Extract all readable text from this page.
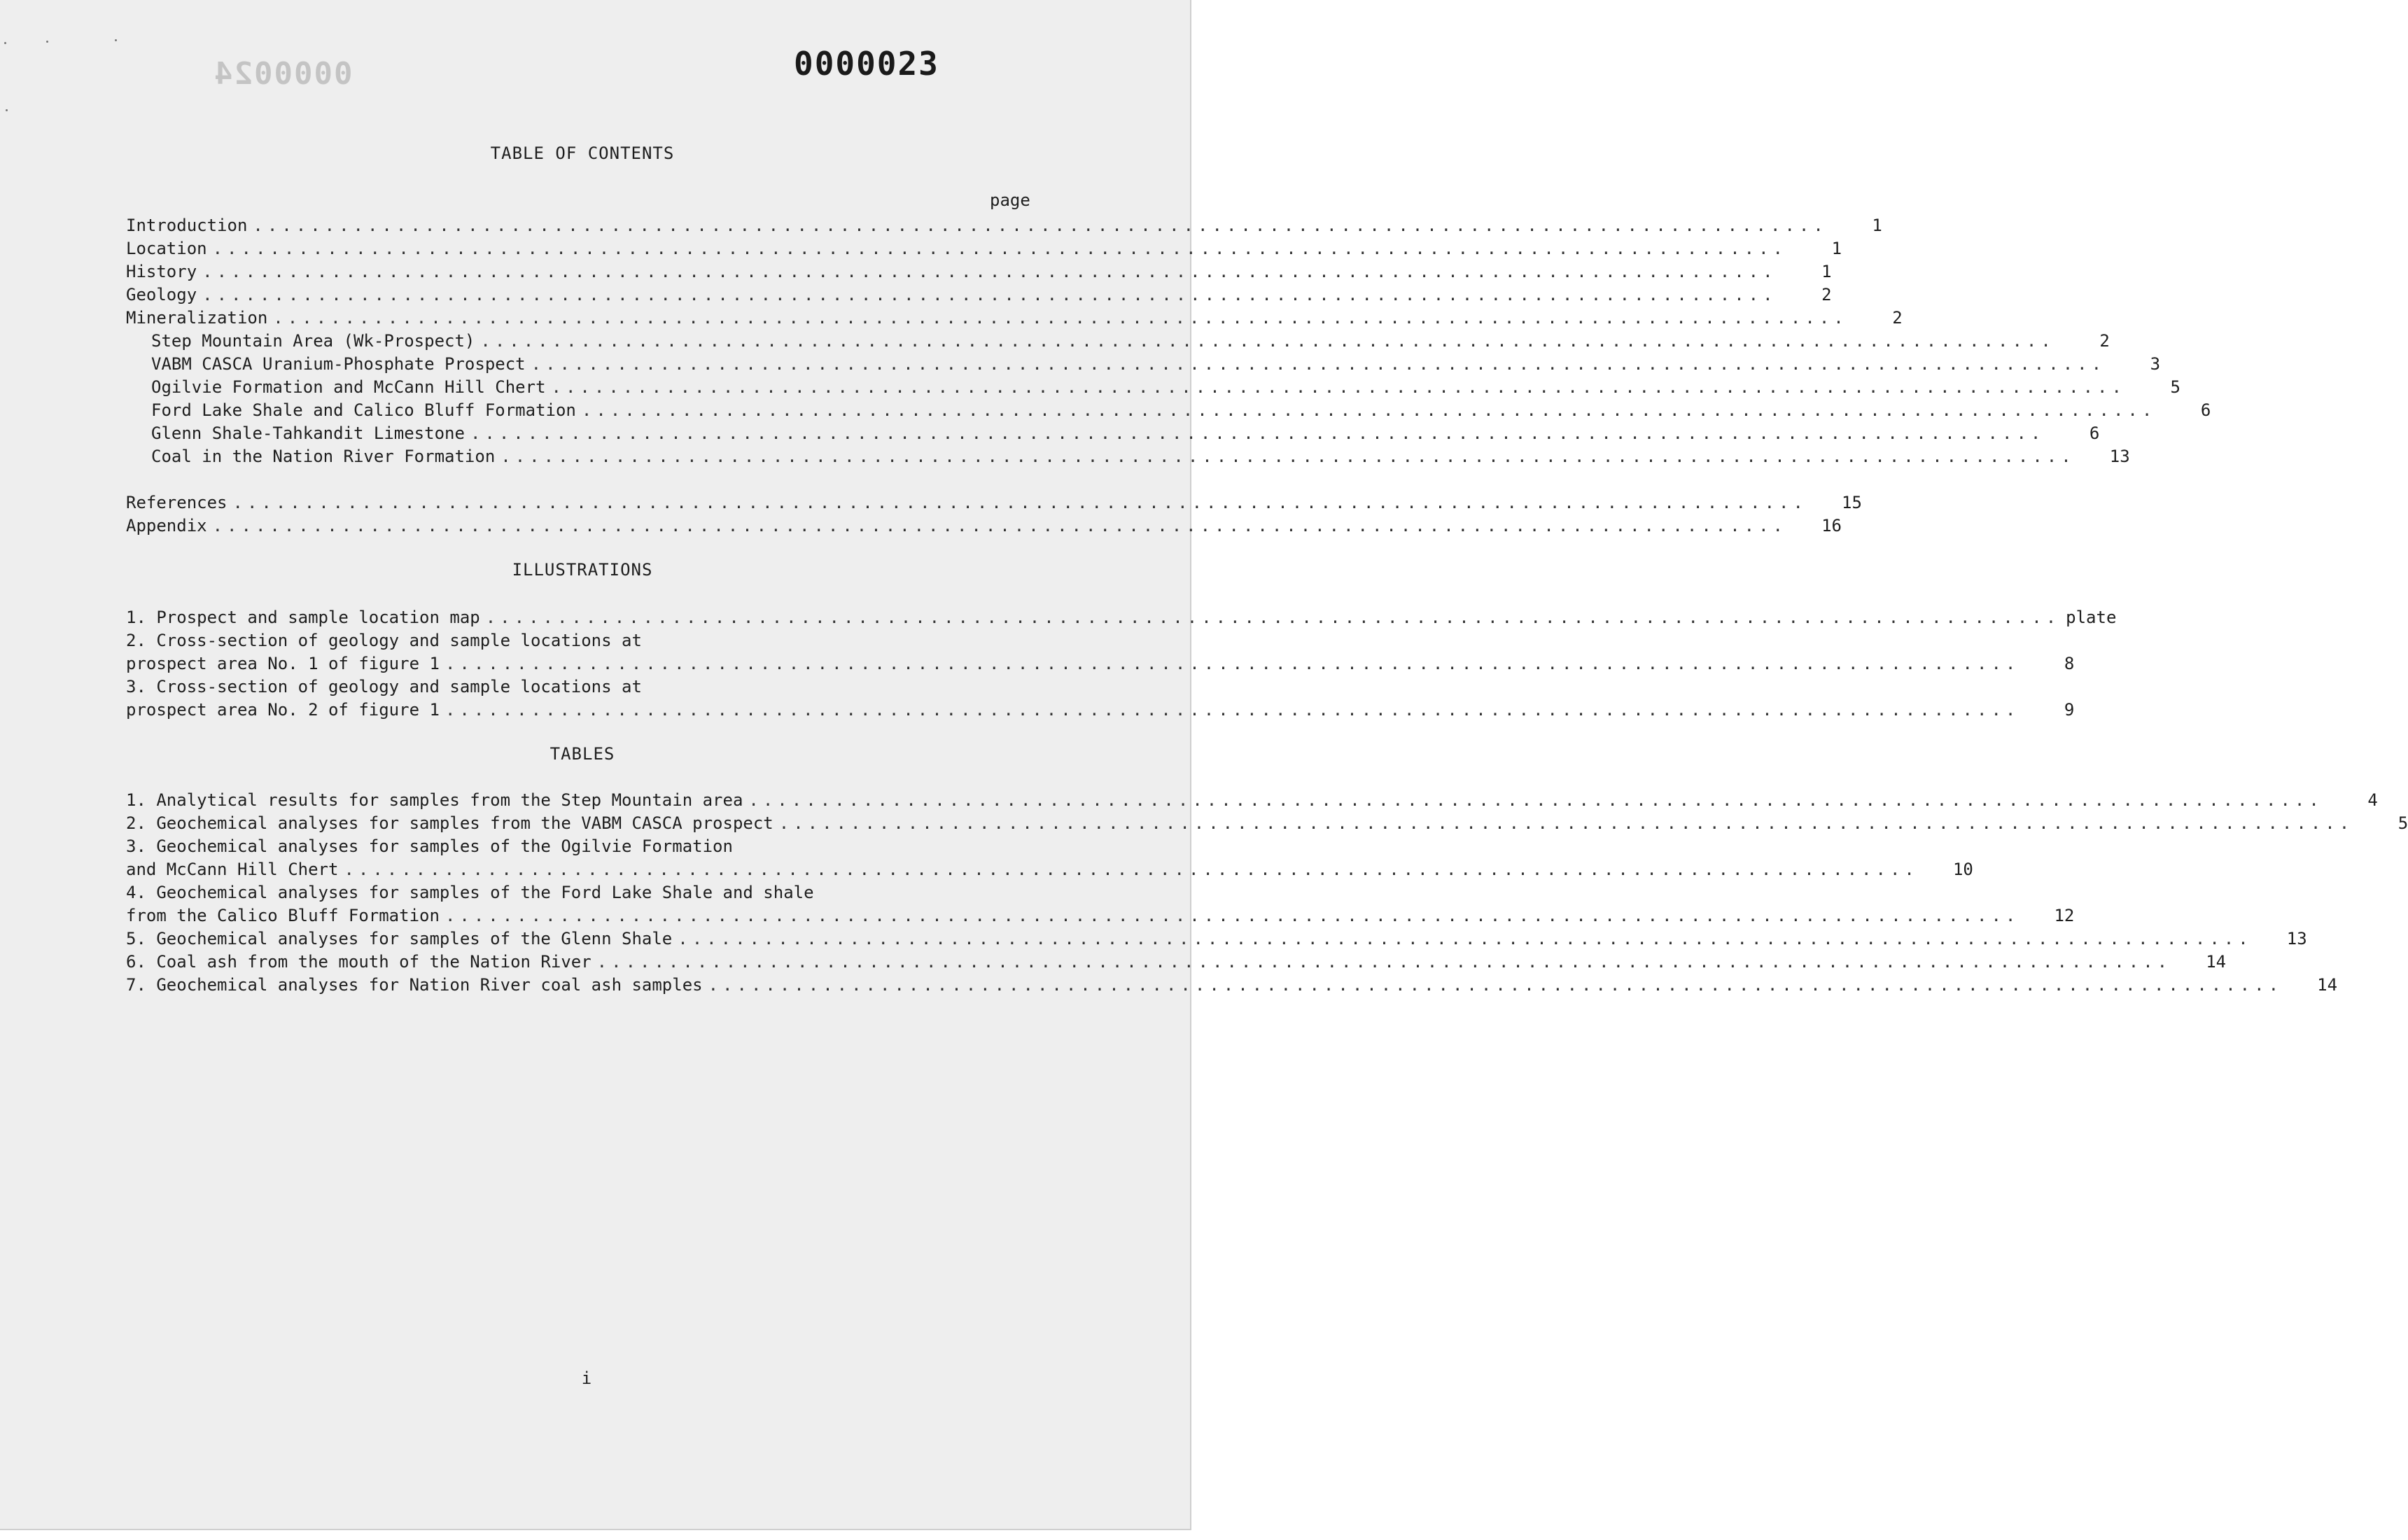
0000023
0000024
TABLE OF CONTENTS
page
Introduction ..............................................................................................................	1
Location ..............................................................................................................	1
History ..............................................................................................................	1
Geology ..............................................................................................................	2
Mineralization ..............................................................................................................	2
Step Mountain Area (Wk-Prospect) ..............................................................................................................	2
VABM CASCA Uranium-Phosphate Prospect ..............................................................................................................	3
Ogilvie Formation and McCann Hill Chert ..............................................................................................................	5
Ford Lake Shale and Calico Bluff Formation ..............................................................................................................	6
Glenn Shale-Tahkandit Limestone ..............................................................................................................	6
Coal in the Nation River Formation ..............................................................................................................	13
References ..............................................................................................................	15
Appendix ..............................................................................................................	16
ILLUSTRATIONS
1. Prospect and sample location map .............................................................................................................. plate
2. Cross-section of geology and sample locations at
prospect area No. 1 of figure 1 ..............................................................................................................	8
3. Cross-section of geology and sample locations at
prospect area No. 2 of figure 1 ..............................................................................................................	9
TABLES
1. Analytical results for samples from the Step Mountain area ..............................................................................................................	4
2. Geochemical analyses for samples from the VABM CASCA prospect ..............................................................................................................	5
3. Geochemical analyses for samples of the Ogilvie Formation
and McCann Hill Chert ..............................................................................................................	10
4. Geochemical analyses for samples of the Ford Lake Shale and shale
from the Calico Bluff Formation ..............................................................................................................	12
5. Geochemical analyses for samples of the Glenn Shale ..............................................................................................................	13
6. Coal ash from the mouth of the Nation River ..............................................................................................................	14
7. Geochemical analyses for Nation River coal ash samples ..............................................................................................................	14
i
